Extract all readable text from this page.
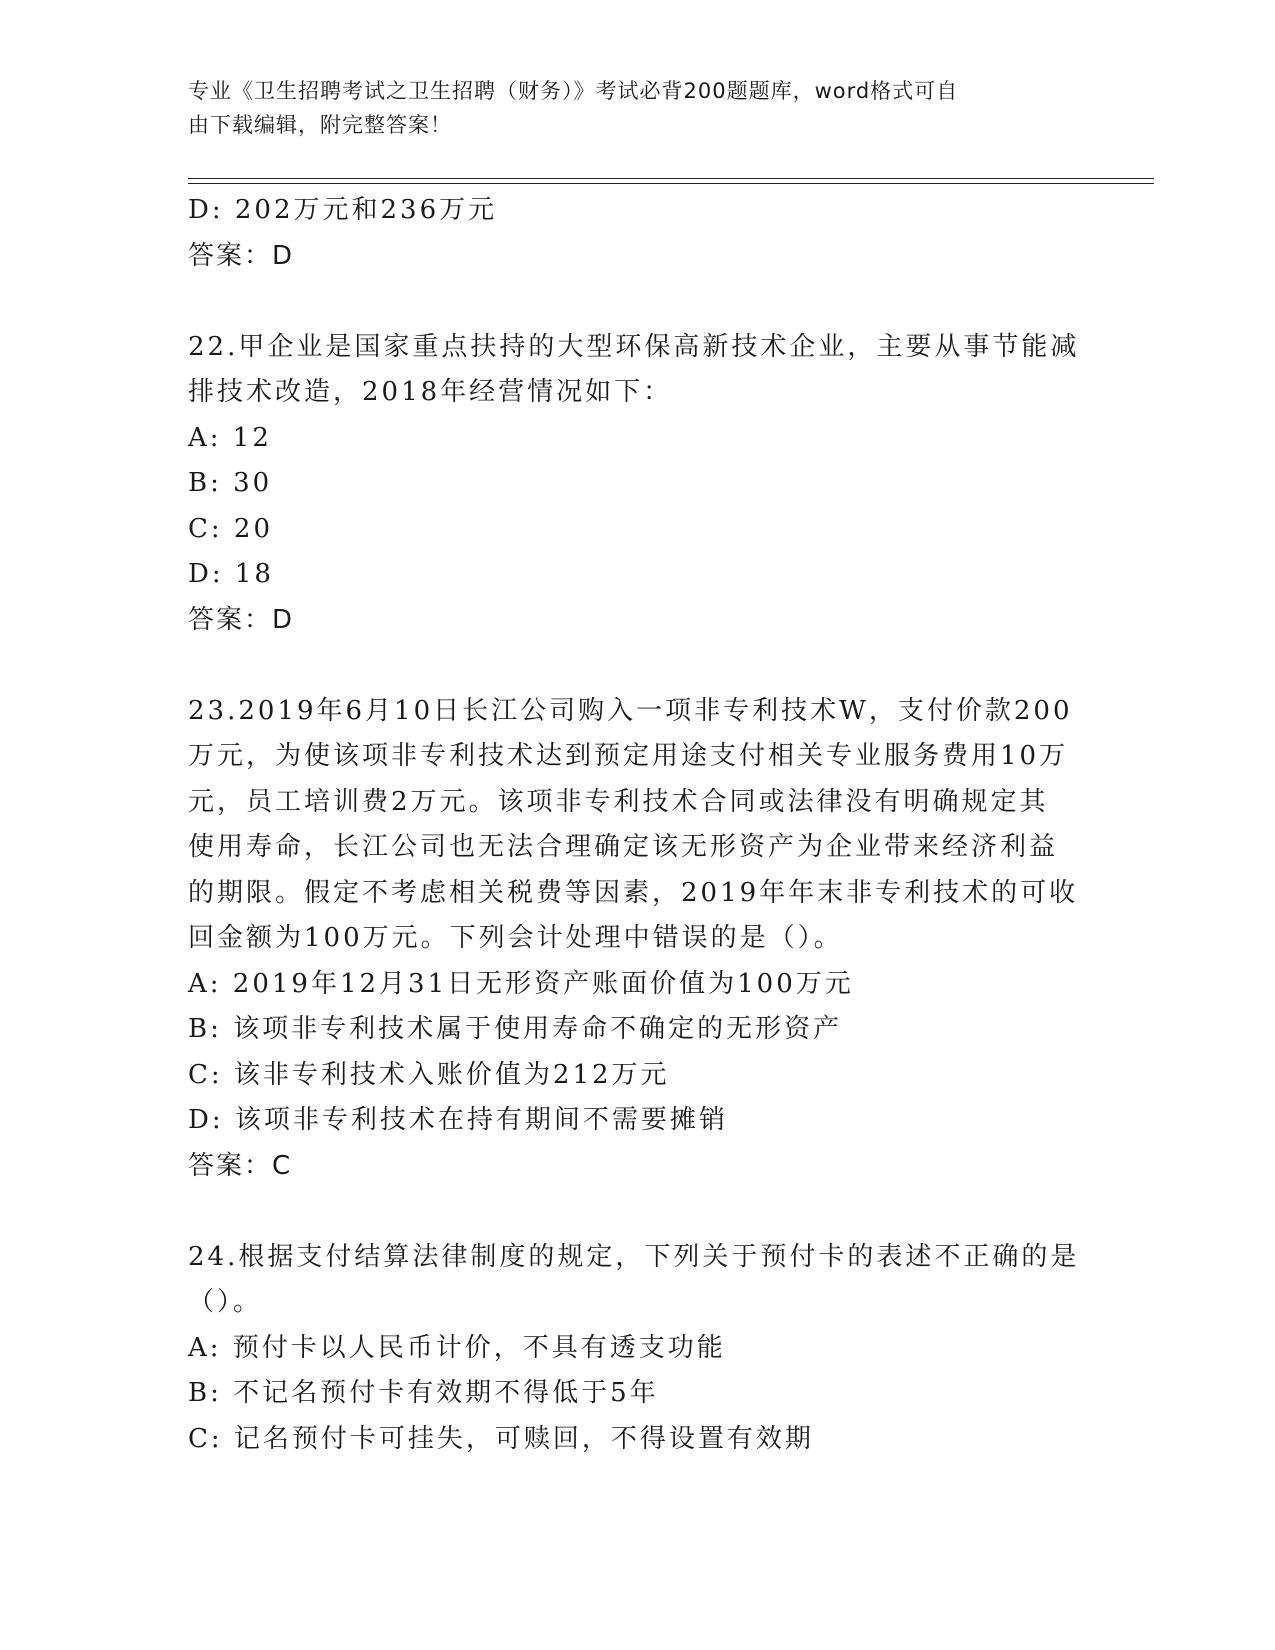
专业《卫生招聘考试之卫生招聘（财务）》考试必背200题题库，word格式可自
由下载编辑，附完整答案！
D: 202万元和236万元
答案：D
22.甲企业是国家重点扶持的大型环保高新技术企业，主要从事节能减
排技术改造，2018年经营情况如下：
A: 12
B: 30
C: 20
D: 18
答案：D
23.2019年6月10日长江公司购入一项非专利技术W，支付价款200
万元，为使该项非专利技术达到预定用途支付相关专业服务费用10万
元，员工培训费2万元。该项非专利技术合同或法律没有明确规定其
使用寿命，长江公司也无法合理确定该无形资产为企业带来经济利益
的期限。假定不考虑相关税费等因素，2019年年末非专利技术的可收
回金额为100万元。下列会计处理中错误的是（）。
A: 2019年12月31日无形资产账面价值为100万元
B: 该项非专利技术属于使用寿命不确定的无形资产
C: 该非专利技术入账价值为212万元
D: 该项非专利技术在持有期间不需要摊销
答案：C
24.根据支付结算法律制度的规定，下列关于预付卡的表述不正确的是
（）。
A: 预付卡以人民币计价，不具有透支功能
B: 不记名预付卡有效期不得低于5年
C: 记名预付卡可挂失，可赎回，不得设置有效期
